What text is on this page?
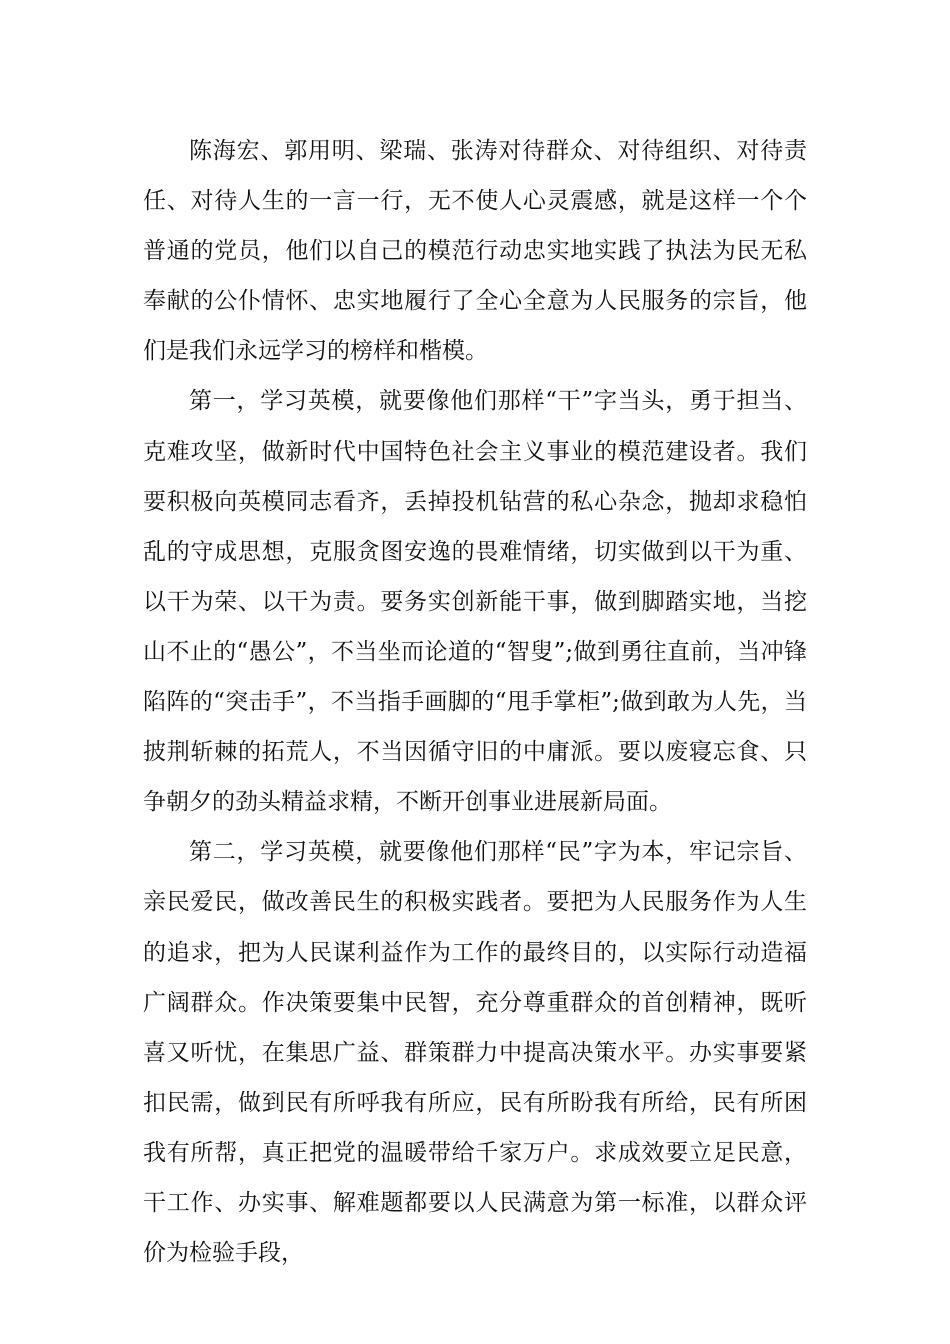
陈海宏、郭用明、梁瑞、张涛对待群众、对待组织、对待责任、对待人生的一言一行，无不使人心灵震感，就是这样一个个普通的党员，他们以自己的模范行动忠实地实践了执法为民无私奉献的公仆情怀、忠实地履行了全心全意为人民服务的宗旨，他们是我们永远学习的榜样和楷模。

第一，学习英模，就要像他们那样“干”字当头，勇于担当、克难攻坚，做新时代中国特色社会主义事业的模范建设者。我们要积极向英模同志看齐，丢掉投机钻营的私心杂念，抛却求稳怕乱的守成思想，克服贪图安逸的畏难情绪，切实做到以干为重、以干为荣、以干为责。要务实创新能干事，做到脚踏实地，当挖山不止的“愚公”，不当坐而论道的“智叟”;做到勇往直前，当冲锋陷阵的“突击手”，不当指手画脚的“甩手掌柜”;做到敢为人先，当披荆斩棘的拓荒人，不当因循守旧的中庸派。要以废寝忘食、只争朝夕的劲头精益求精，不断开创事业进展新局面。

第二，学习英模，就要像他们那样“民”字为本，牢记宗旨、亲民爱民，做改善民生的积极实践者。要把为人民服务作为人生的追求，把为人民谋利益作为工作的最终目的，以实际行动造福广阔群众。作决策要集中民智，充分尊重群众的首创精神，既听喜又听忧，在集思广益、群策群力中提高决策水平。办实事要紧扣民需，做到民有所呼我有所应，民有所盼我有所给，民有所困我有所帮，真正把党的温暖带给千家万户。求成效要立足民意，干工作、办实事、解难题都要以人民满意为第一标准，以群众评价为检验手段，
